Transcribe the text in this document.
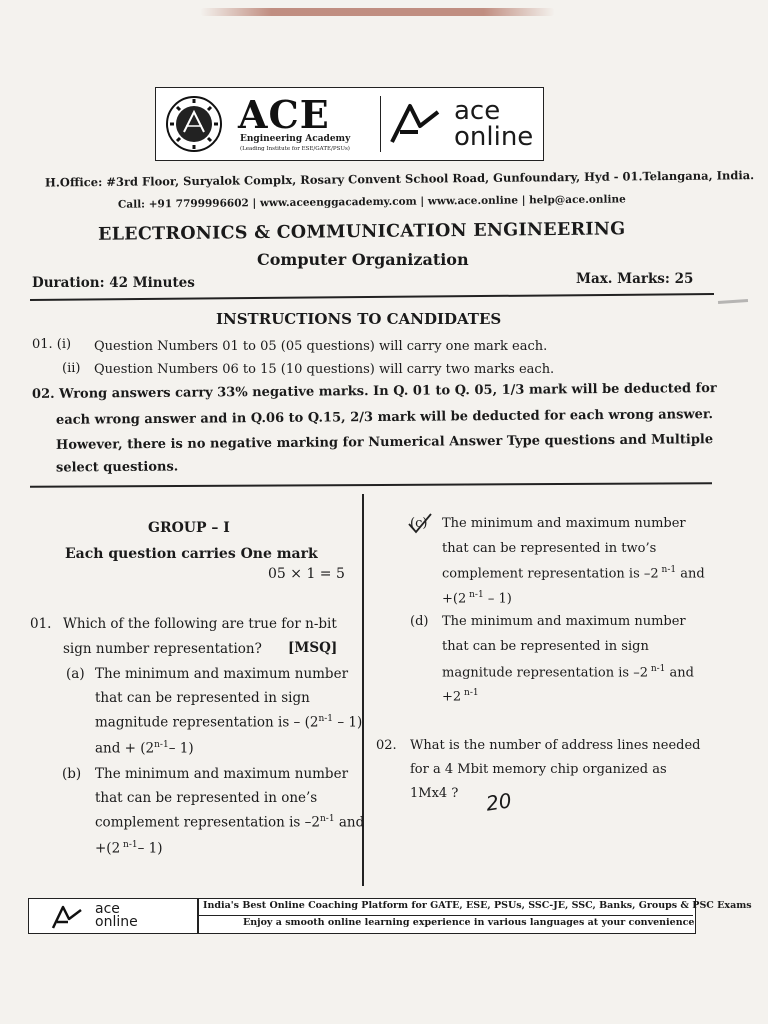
ACE
Engineering Academy
(Leading Institute for ESE/GATE/PSUs)
ace
online
H.Office: #3rd Floor, Suryalok Complx, Rosary Convent School Road, Gunfoundary, Hyd - 01.Telangana, India.
Call: +91 7799996602 | www.aceenggacademy.com | www.ace.online | help@ace.online
ELECTRONICS & COMMUNICATION ENGINEERING
Computer Organization
Duration: 42 Minutes	Max. Marks: 25
INSTRUCTIONS TO CANDIDATES
01. (i) Question Numbers 01 to 05 (05 questions) will carry one mark each.
(ii) Question Numbers 06 to 15 (10 questions) will carry two marks each.
02. Wrong answers carry 33% negative marks. In Q. 01 to Q. 05, 1/3 mark will be deducted for
each wrong answer and in Q.06 to Q.15, 2/3 mark will be deducted for each wrong answer.
However, there is no negative marking for Numerical Answer Type questions and Multiple
select questions.
GROUP – I
Each question carries One mark
05 × 1 = 5
01. Which of the following are true for n-bit
sign number representation? [MSQ]
(a) The minimum and maximum number
that can be represented in sign
magnitude representation is – (2$^{n-1}$ – 1)
and + ($2^{n-1}-$ 1)
(b) The minimum and maximum number
that can be represented in one’s
complement representation is –2$^{n-1}$ and
+(2 $^{n-1}$– 1)
(c) The minimum and maximum number
that can be represented in two’s
complement representation is –2 $^{n-1}$ and
+(2 $^{n-1}$ – 1)
(d) The minimum and maximum number
that can be represented in sign
magnitude representation is –2 $^{n-1}$ and
+2 $^{n-1}$
02. What is the number of address lines needed
for a 4 Mbit memory chip organized as
1Mx4 ? 20
ace
online
India's Best Online Coaching Platform for GATE, ESE, PSUs, SSC-JE, SSC, Banks, Groups & PSC Exams
Enjoy a smooth online learning experience in various languages at your convenience
